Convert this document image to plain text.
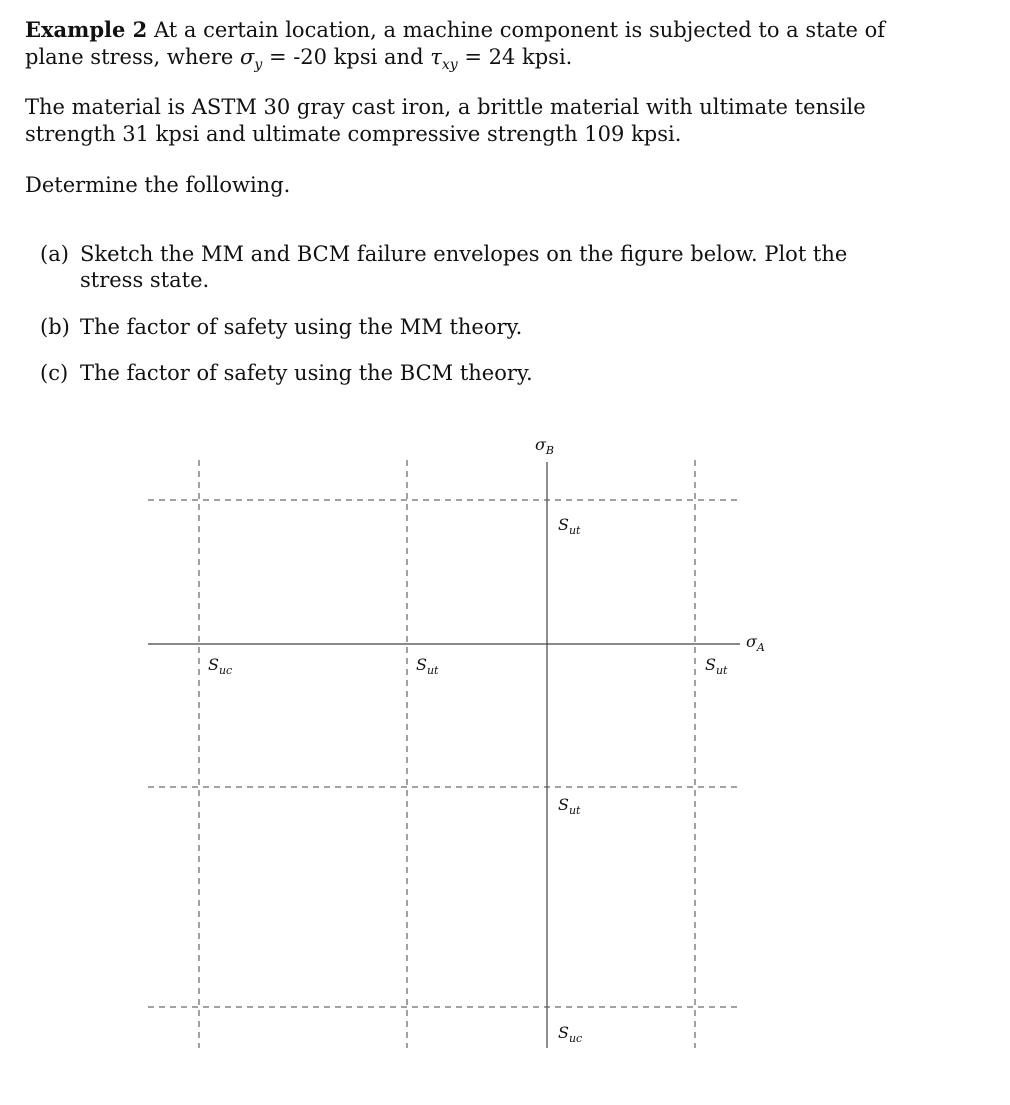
Example 2 At a certain location, a machine component is subjected to a state of plane stress, where $\sigma_y = -20$ kpsi and $\tau_{xy} = 24$ kpsi.

The material is ASTM 30 gray cast iron, a brittle material with ultimate tensile strength 31 kpsi and ultimate compressive strength 109 kpsi.

Determine the following.

(a) Sketch the MM and BCM failure envelopes on the figure below. Plot the stress state.
(b) The factor of safety using the MM theory.
(c) The factor of safety using the BCM theory.
$\sigma_B$
$\sigma_A$
$S_{ut}$
$S_{uc}$	$S_{ut}$	$S_{ut}$
$S_{ut}$
$S_{uc}$
